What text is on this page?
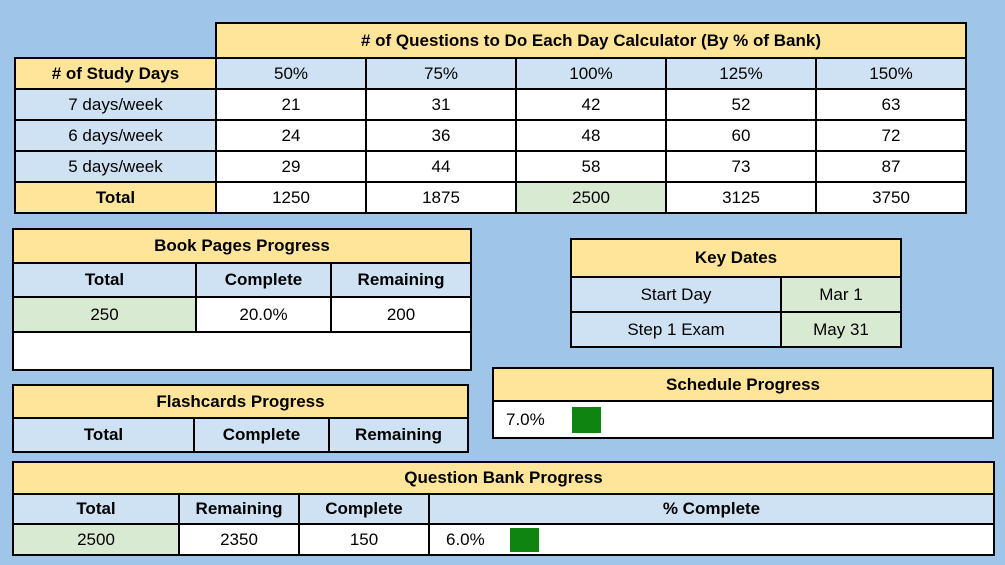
	# of Questions to Do Each Day Calculator (By % of Bank)				
# of Study Days	50%	75%	100%	125%	150%
7 days/week	21	31	42	52	63
6 days/week	24	36	48	60	72
5 days/week	29	44	58	73	87
Total	1250	1875	2500	3125	3750
Book Pages Progress		
Total	Complete	Remaining
250	20.0%	200

Key Dates	
Start Day	Mar 1
Step 1 Exam	May 31
Schedule Progress

7.0%
Flashcards Progress
Total	Complete	Remaining
Question Bank Progress			
Total	Remaining	Complete	% Complete
2500	2350	150	6.0%
